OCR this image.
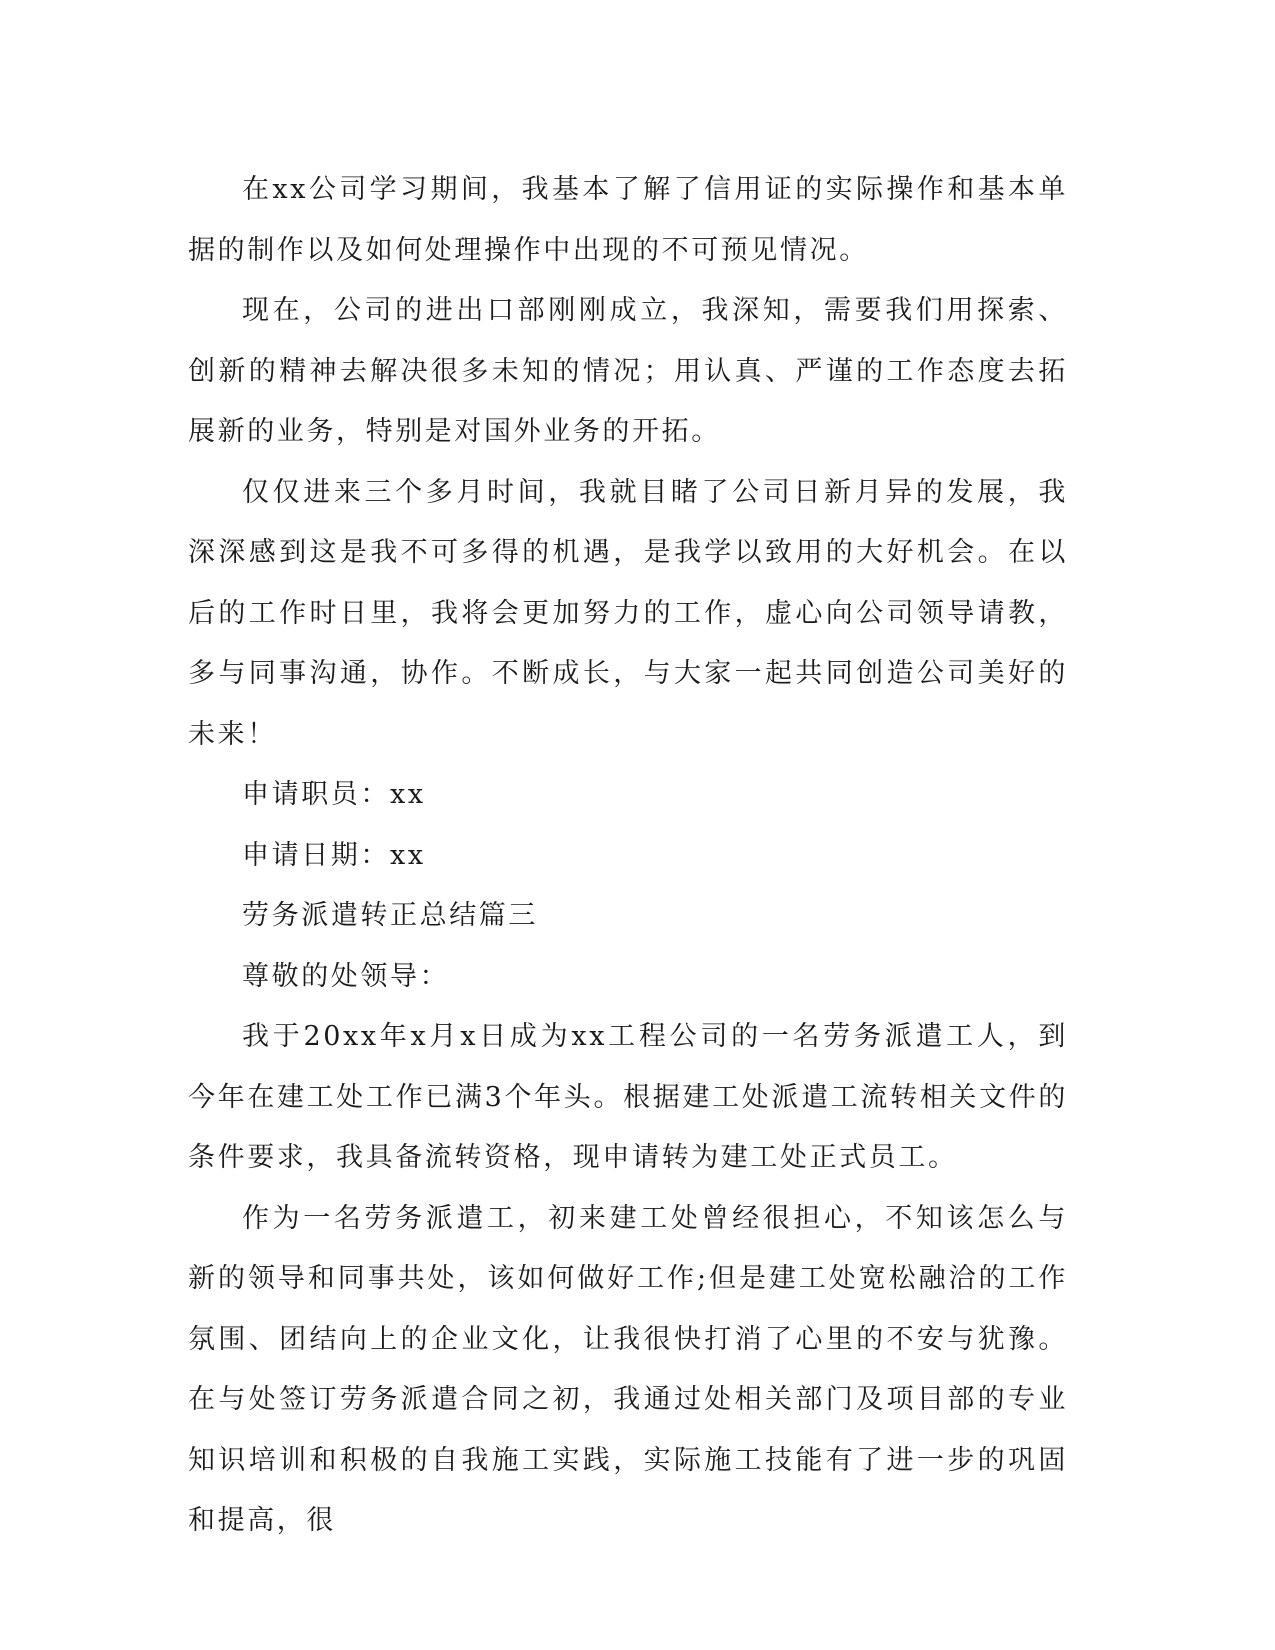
在xx公司学习期间，我基本了解了信用证的实际操作和基本单据的制作以及如何处理操作中出现的不可预见情况。

现在，公司的进出口部刚刚成立，我深知，需要我们用探索、创新的精神去解决很多未知的情况；用认真、严谨的工作态度去拓展新的业务，特别是对国外业务的开拓。

仅仅进来三个多月时间，我就目睹了公司日新月异的发展，我深深感到这是我不可多得的机遇，是我学以致用的大好机会。在以后的工作时日里，我将会更加努力的工作，虚心向公司领导请教，多与同事沟通，协作。不断成长，与大家一起共同创造公司美好的未来！

申请职员：xx

申请日期：xx

劳务派遣转正总结篇三

尊敬的处领导：

我于20xx年x月x日成为xx工程公司的一名劳务派遣工人，到今年在建工处工作已满3个年头。根据建工处派遣工流转相关文件的条件要求，我具备流转资格，现申请转为建工处正式员工。

作为一名劳务派遣工，初来建工处曾经很担心，不知该怎么与新的领导和同事共处，该如何做好工作;但是建工处宽松融洽的工作氛围、团结向上的企业文化，让我很快打消了心里的不安与犹豫。在与处签订劳务派遣合同之初，我通过处相关部门及项目部的专业知识培训和积极的自我施工实践，实际施工技能有了进一步的巩固和提高，很
